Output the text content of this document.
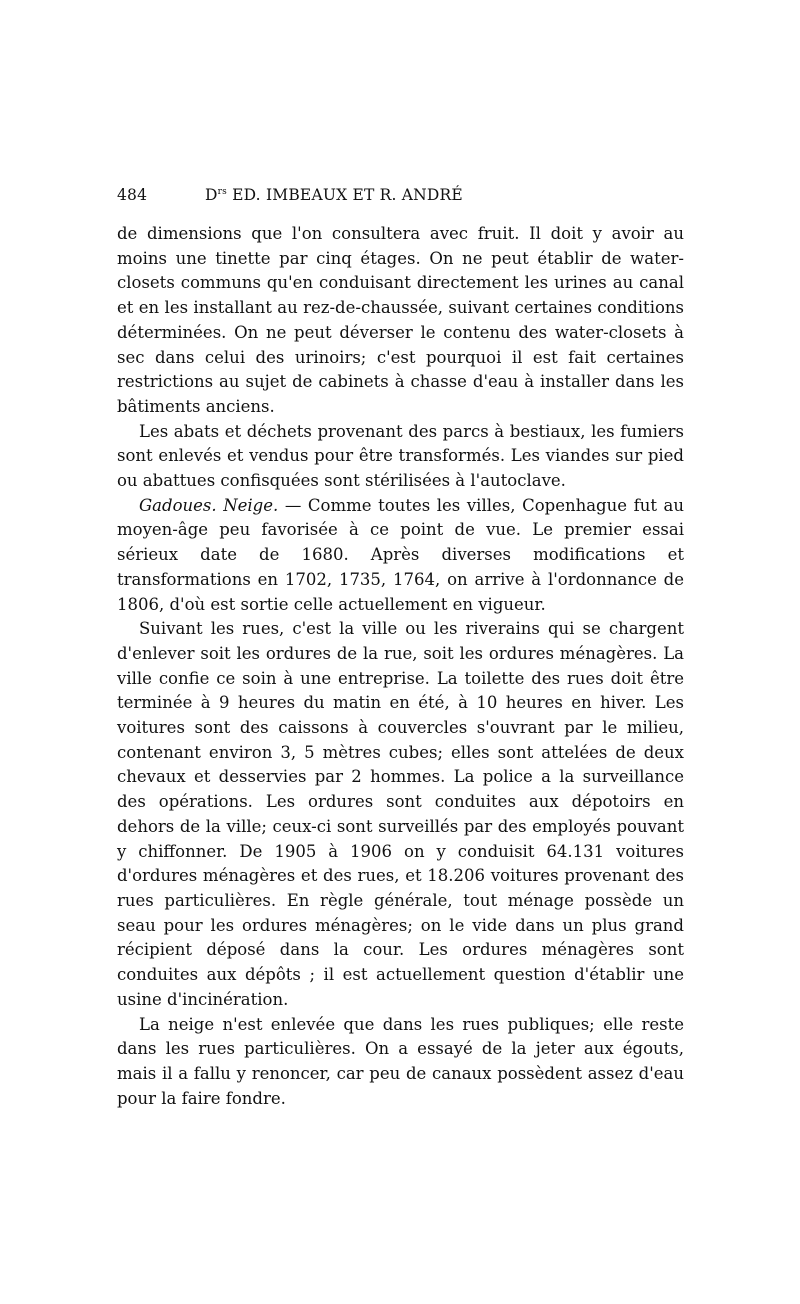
484	$D^{rs}$ ED. IMBEAUX ET R. ANDRÉ

de dimensions que l'on consultera avec fruit. Il doit y avoir au moins une tinette par cinq étages. On ne peut établir de water-closets communs qu'en conduisant directement les urines au canal et en les installant au rez-de-chaussée, suivant certaines conditions déterminées. On ne peut déverser le contenu des water-closets à sec dans celui des urinoirs; c'est pourquoi il est fait certaines restrictions au sujet de cabinets à chasse d'eau à installer dans les bâtiments anciens.

Les abats et déchets provenant des parcs à bestiaux, les fumiers sont enlevés et vendus pour être transformés. Les viandes sur pied ou abattues confisquées sont stérilisées à l'autoclave.

Gadoues. Neige. — Comme toutes les villes, Copenhague fut au moyen-âge peu favorisée à ce point de vue. Le premier essai sérieux date de 1680. Après diverses modifications et transformations en 1702, 1735, 1764, on arrive à l'ordonnance de 1806, d'où est sortie celle actuellement en vigueur.

Suivant les rues, c'est la ville ou les riverains qui se chargent d'enlever soit les ordures de la rue, soit les ordures ménagères. La ville confie ce soin à une entreprise. La toilette des rues doit être terminée à 9 heures du matin en été, à 10 heures en hiver. Les voitures sont des caissons à couvercles s'ouvrant par le milieu, contenant environ 3, 5 mètres cubes; elles sont attelées de deux chevaux et desservies par 2 hommes. La police a la surveillance des opérations. Les ordures sont conduites aux dépotoirs en dehors de la ville; ceux-ci sont surveillés par des employés pouvant y chiffonner. De 1905 à 1906 on y conduisit 64.131 voitures d'ordures ménagères et des rues, et 18.206 voitures provenant des rues particulières. En règle générale, tout ménage possède un seau pour les ordures ménagères; on le vide dans un plus grand récipient déposé dans la cour. Les ordures ménagères sont conduites aux dépôts ; il est actuellement question d'établir une usine d'incinération.

La neige n'est enlevée que dans les rues publiques; elle reste dans les rues particulières. On a essayé de la jeter aux égouts, mais il a fallu y renoncer, car peu de canaux possèdent assez d'eau pour la faire fondre.
